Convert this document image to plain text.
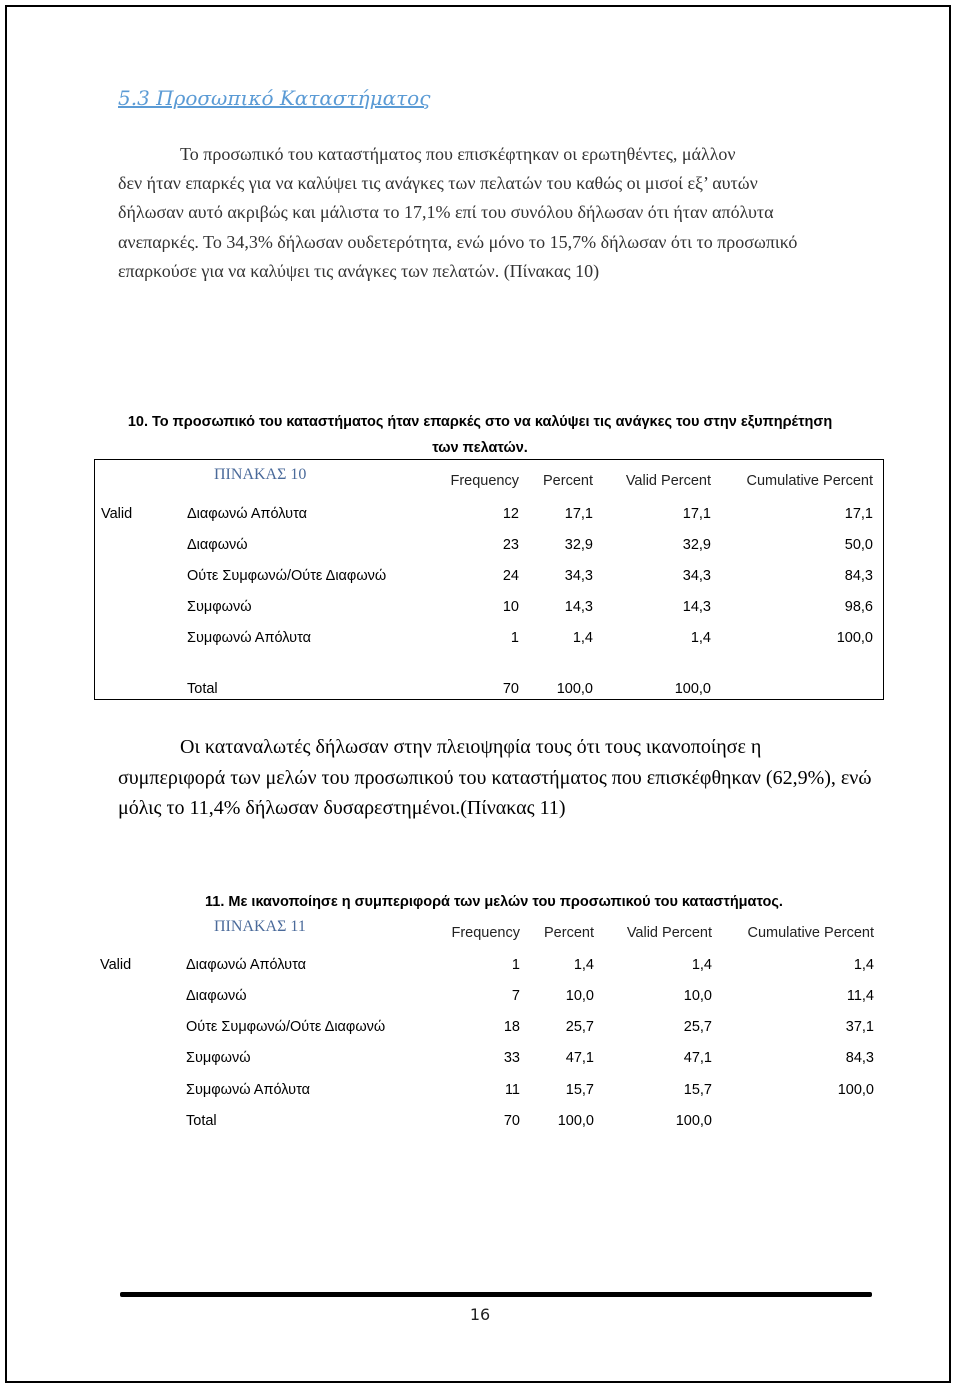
5.3 Προσωπικό Καταστήματος

Το προσωπικό του καταστήματος που επισκέφτηκαν οι ερωτηθέντες, μάλλον
δεν ήταν επαρκές για να καλύψει τις ανάγκες των πελατών του καθώς οι μισοί εξ’ αυτών δήλωσαν αυτό ακριβώς και μάλιστα το 17,1% επί του συνόλου δήλωσαν ότι ήταν απόλυτα ανεπαρκές. Το 34,3% δήλωσαν ουδετερότητα, ενώ μόνο το 15,7% δήλωσαν ότι το προσωπικό επαρκούσε για να καλύψει τις ανάγκες των πελατών. (Πίνακας 10)

10. Το προσωπικό του καταστήματος ήταν επαρκές στο να καλύψει τις ανάγκες του στην εξυπηρέτηση
των πελατών.
ΠΙΝΑΚΑΣ 10	Frequency Percent Valid Percent Cumulative Percent
Valid	Διαφωνώ Απόλυτα	12	17,1	17,1	17,1
Διαφωνώ	23	32,9	32,9	50,0
Ούτε Συμφωνώ/Ούτε Διαφωνώ	24	34,3	34,3	84,3
Συμφωνώ	10	14,3	14,3	98,6
Συμφωνώ Απόλυτα	1	1,4	1,4	100,0
Total	70	100,0	100,0

Οι καταναλωτές δήλωσαν στην πλειοψηφία τους ότι τους ικανοποίησε η
συμπεριφορά των μελών του προσωπικού του καταστήματος που επισκέφθηκαν (62,9%), ενώ μόλις το 11,4% δήλωσαν δυσαρεστημένοι.(Πίνακας 11)

11. Με ικανοποίησε η συμπεριφορά των μελών του προσωπικού του καταστήματος.
ΠΙΝΑΚΑΣ 11	Frequency Percent Valid Percent Cumulative Percent
Valid	Διαφωνώ Απόλυτα	1	1,4	1,4	1,4
Διαφωνώ	7	10,0	10,0	11,4
Ούτε Συμφωνώ/Ούτε Διαφωνώ	18	25,7	25,7	37,1
Συμφωνώ	33	47,1	47,1	84,3
Συμφωνώ Απόλυτα	11	15,7	15,7	100,0
Total	70	100,0	100,0
16
